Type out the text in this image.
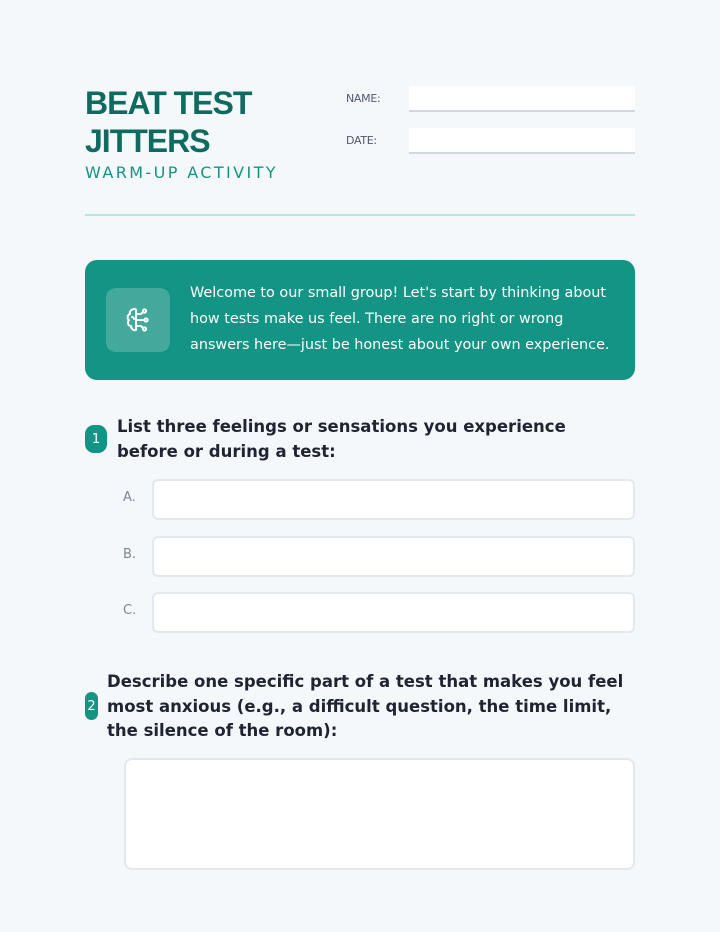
BEAT TEST
JITTERS
WARM-UP ACTIVITY
NAME:
DATE:

Welcome to our small group! Let's start by thinking about how tests make us feel. There are no right or wrong answers here—just be honest about your own experience.

1

List three feelings or sensations you experience before or during a test:

A.
B.
C.
2

Describe one specific part of a test that makes you feel most anxious (e.g., a difficult question, the time limit, the silence of the room):
